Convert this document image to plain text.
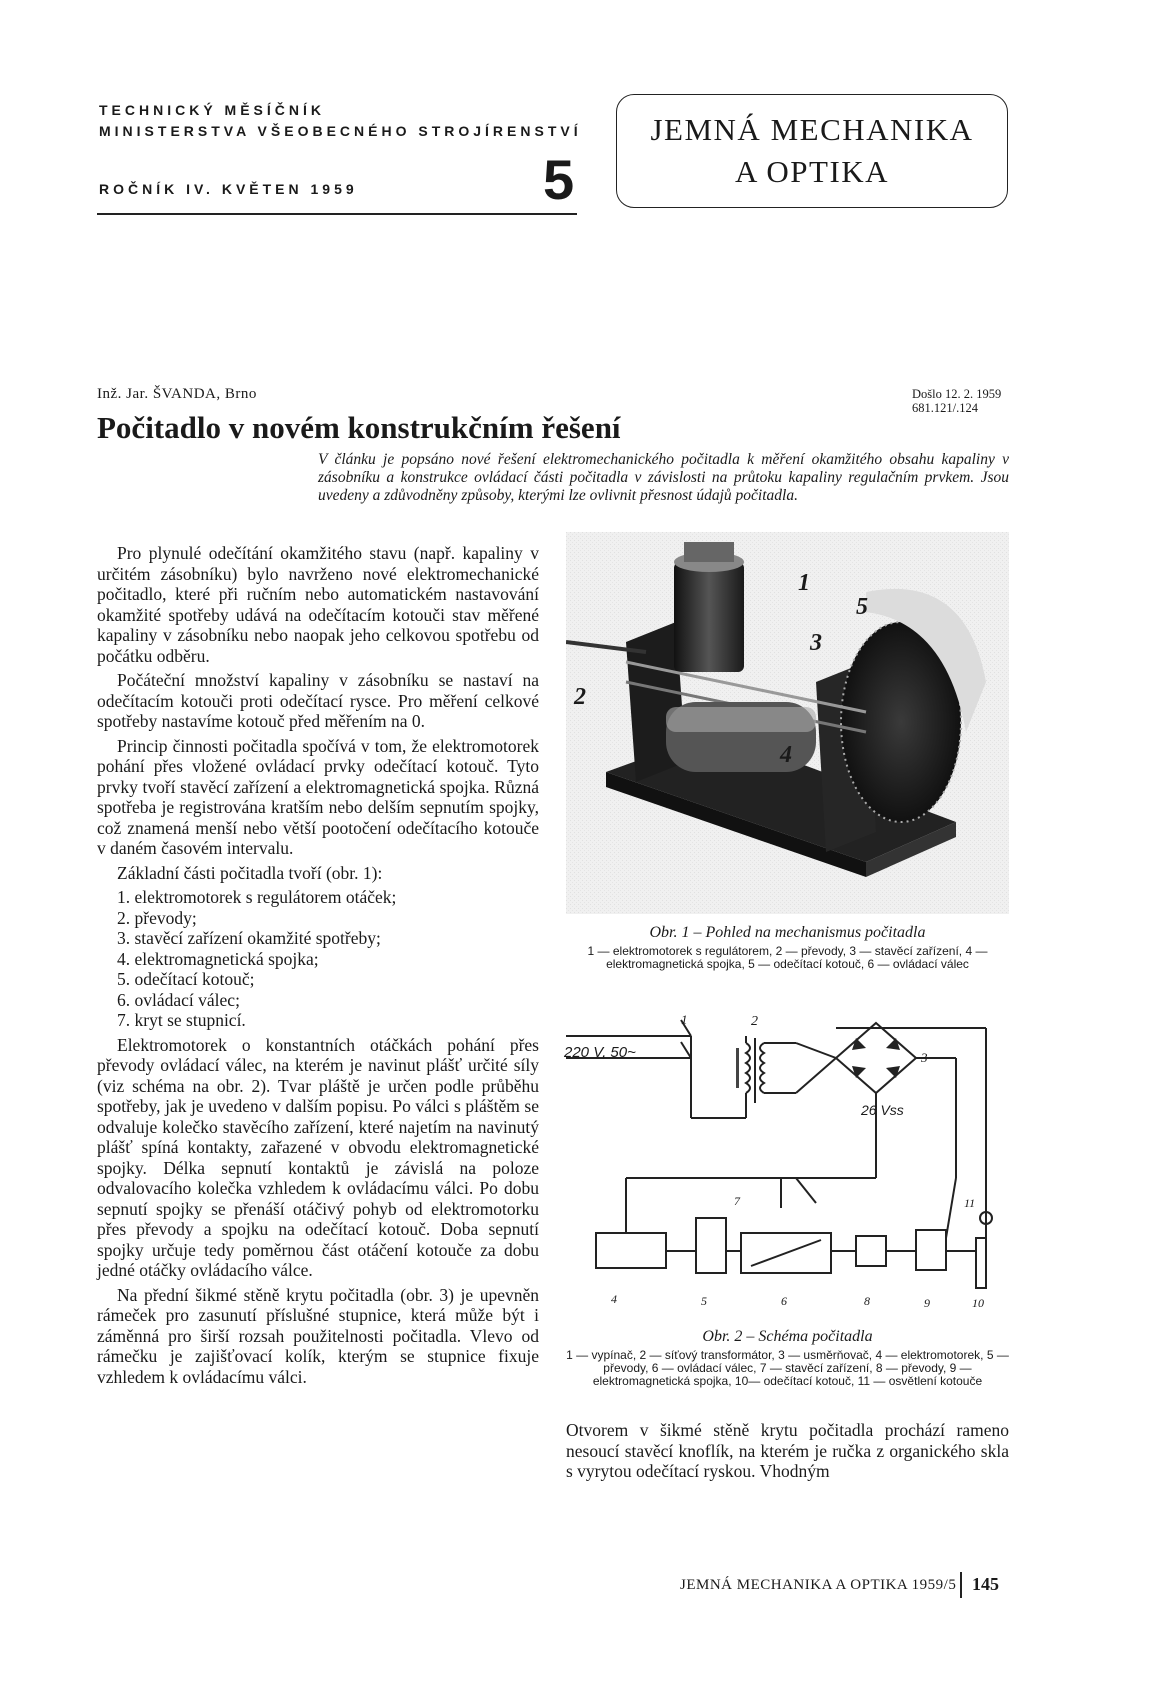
TECHNICKÝ MĚSÍČNÍK
MINISTERSTVA VŠEOBECNÉHO STROJÍRENSTVÍ
ROČNÍK IV. KVĚTEN 1959	5
JEMNÁ MECHANIKA
A OPTIKA
Inž. Jar. ŠVANDA, Brno	Došlo 12. 2. 1959
681.121/.124
Počitadlo v novém konstrukčním řešení
V článku je popsáno nové řešení elektromechanického počitadla k měření okamžitého obsahu kapaliny v zásobníku a konstrukce ovládací části počitadla v závislosti na průtoku kapaliny regulačním prvkem. Jsou uvedeny a zdůvodněny způsoby, kterými lze ovlivnit přesnost údajů počitadla.

Pro plynulé odečítání okamžitého stavu (např. kapaliny v určitém zásobníku) bylo navrženo nové elektromechanické počitadlo, které při ručním nebo automatickém nastavování okamžité spotřeby udává na odečítacím kotouči stav měřené kapaliny v zásobníku nebo naopak jeho celkovou spotřebu od počátku odběru.

Počáteční množství kapaliny v zásobníku se nastaví na odečítacím kotouči proti odečítací rysce. Pro měření celkové spotřeby nastavíme kotouč před měřením na 0.

Princip činnosti počitadla spočívá v tom, že elektromotorek pohání přes vložené ovládací prvky odečítací kotouč. Tyto prvky tvoří stavěcí zařízení a elektromagnetická spojka. Různá spotřeba je registrována kratším nebo delším sepnutím spojky, což znamená menší nebo větší pootočení odečítacího kotouče v daném časovém intervalu.

Základní části počitadla tvoří (obr. 1):

1. elektromotorek s regulátorem otáček;
2. převody;
3. stavěcí zařízení okamžité spotřeby;
4. elektromagnetická spojka;
5. odečítací kotouč;
6. ovládací válec;
7. kryt se stupnicí.

Elektromotorek o konstantních otáčkách pohání přes převody ovládací válec, na kterém je navinut plášť určité síly (viz schéma na obr. 2). Tvar pláště je určen podle průběhu spotřeby, jak je uvedeno v dalším popisu. Po válci s pláštěm se odvaluje kolečko stavěcího zařízení, které najetím na navinutý plášť spíná kontakty, zařazené v obvodu elektromagnetické spojky. Délka sepnutí kontaktů je závislá na poloze odvalovacího kolečka vzhledem k ovládacímu válci. Po dobu sepnutí spojky se přenáší otáčivý pohyb od elektromotorku přes převody a spojku na odečítací kotouč. Doba sepnutí spojky určuje tedy poměrnou část otáčení kotouče za dobu jedné otáčky ovládacího válce.

Na přední šikmé stěně krytu počitadla (obr. 3) je upevněn rámeček pro zasunutí příslušné stupnice, která může být i záměnná pro širší rozsah použitelnosti počitadla. Vlevo od rámečku je zajišťovací kolík, kterým se stupnice fixuje vzhledem k ovládacímu válci.

1
2
3
4
5
Obr. 1 – Pohled na mechanismus počitadla
1 — elektromotorek s regulátorem, 2 — převody, 3 — stavěcí zařízení, 4 — elektromagnetická spojka, 5 — odečítací kotouč, 6 — ovládací válec
220 V, 50~
26 Vss
1	2
3
4	5	6
7
8	9	10
11
Obr. 2 – Schéma počitadla
1 — vypínač, 2 — síťový transformátor, 3 — usměrňovač, 4 — elektromotorek, 5 — převody, 6 — ovládací válec, 7 — stavěcí zařízení, 8 — převody, 9 — elektromagnetická spojka, 10— odečítací kotouč, 11 — osvětlení kotouče

Otvorem v šikmé stěně krytu počitadla prochází rameno nesoucí stavěcí knoflík, na kterém je ručka z organického skla s vyrytou odečítací ryskou. Vhodným

JEMNÁ MECHANIKA A OPTIKA 1959/5 145
